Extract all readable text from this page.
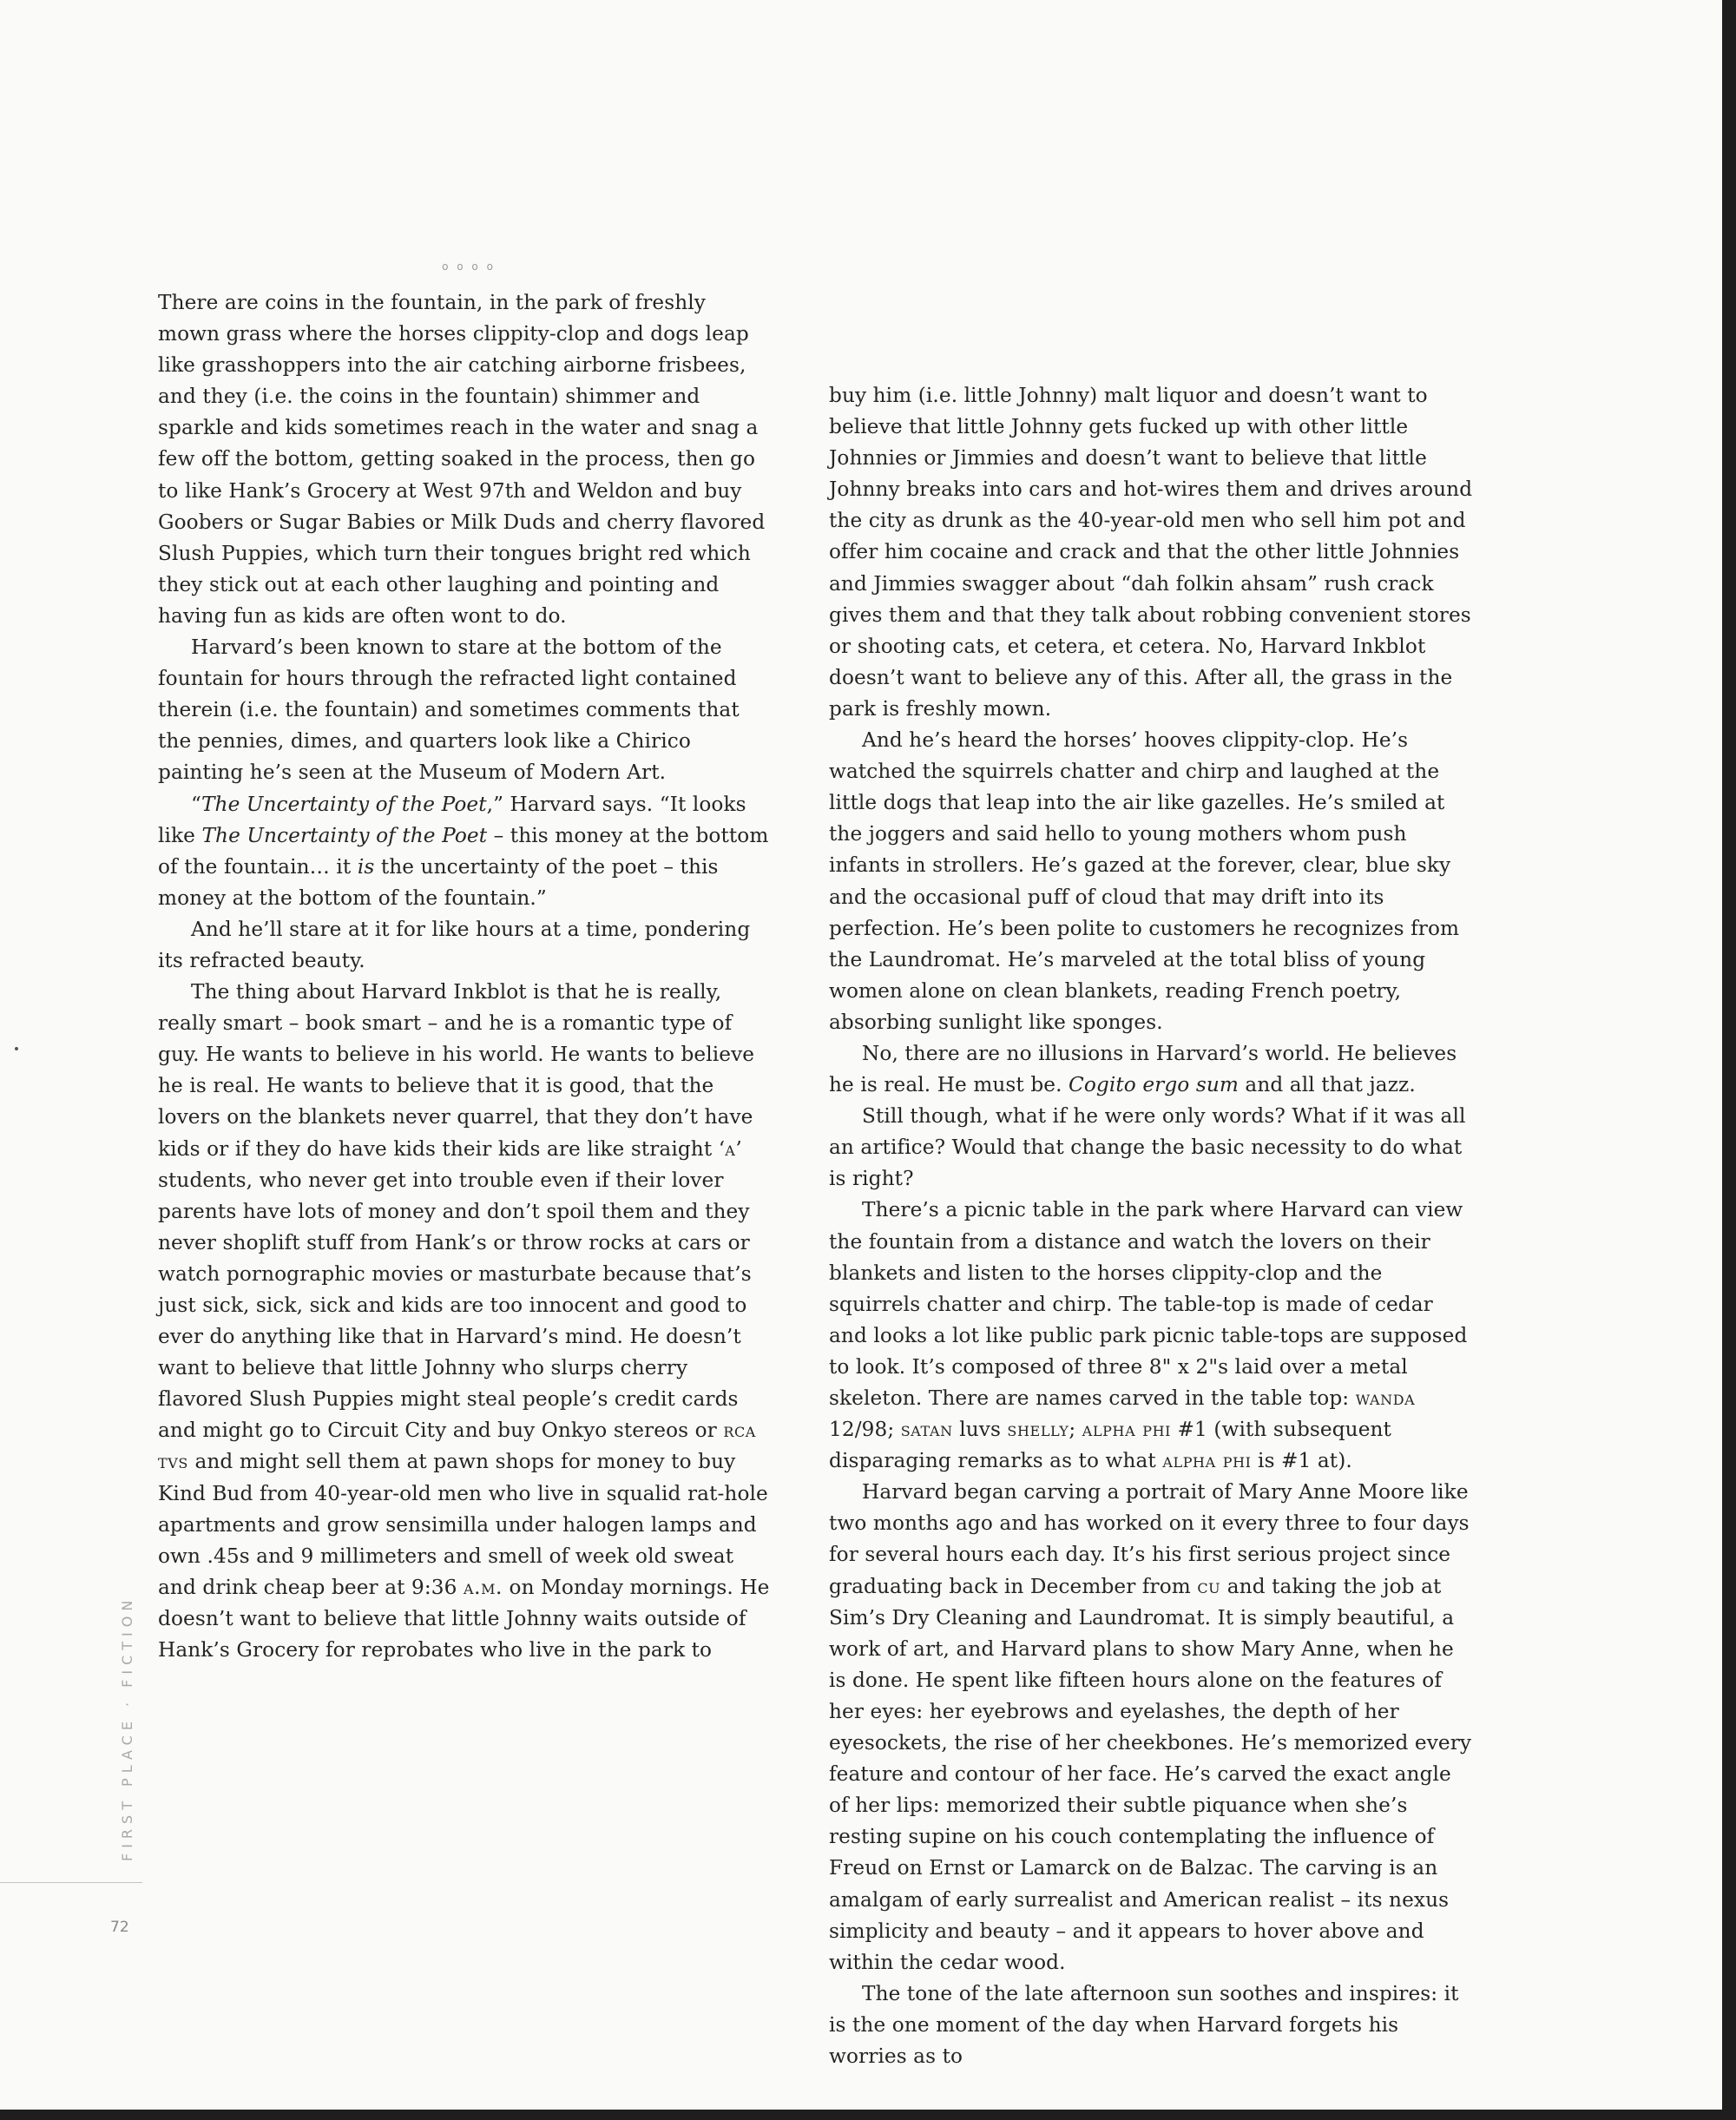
o o o o

There are coins in the fountain, in the park of freshly mown grass where the horses clippity-clop and dogs leap like grasshoppers into the air catching airborne frisbees, and they (i.e. the coins in the fountain) shimmer and sparkle and kids sometimes reach in the water and snag a few off the bottom, getting soaked in the process, then go to like Hank’s Grocery at West 97th and Weldon and buy Goobers or Sugar Babies or Milk Duds and cherry flavored Slush Puppies, which turn their tongues bright red which they stick out at each other laughing and pointing and having fun as kids are often wont to do.

Harvard’s been known to stare at the bottom of the fountain for hours through the refracted light contained therein (i.e. the fountain) and sometimes comments that the pennies, dimes, and quarters look like a Chirico painting he’s seen at the Museum of Modern Art.

“The Uncertainty of the Poet,” Harvard says. “It looks like The Uncertainty of the Poet – this money at the bottom of the fountain… it is the uncertainty of the poet – this money at the bottom of the fountain.”

And he’ll stare at it for like hours at a time, pondering its refracted beauty.

The thing about Harvard Inkblot is that he is really, really smart – book smart – and he is a romantic type of guy. He wants to believe in his world. He wants to believe he is real. He wants to believe that it is good, that the lovers on the blankets never quarrel, that they don’t have kids or if they do have kids their kids are like straight ‘a’ students, who never get into trouble even if their lover parents have lots of money and don’t spoil them and they never shoplift stuff from Hank’s or throw rocks at cars or watch pornographic movies or masturbate because that’s just sick, sick, sick and kids are too innocent and good to ever do anything like that in Harvard’s mind. He doesn’t want to believe that little Johnny who slurps cherry flavored Slush Puppies might steal people’s credit cards and might go to Circuit City and buy Onkyo stereos or rca tvs and might sell them at pawn shops for money to buy Kind Bud from 40-year-old men who live in squalid rat-hole apartments and grow sensimilla under halogen lamps and own .45s and 9 millimeters and smell of week old sweat and drink cheap beer at 9:36 a.m. on Monday mornings. He doesn’t want to believe that little Johnny waits outside of Hank’s Grocery for reprobates who live in the park to

buy him (i.e. little Johnny) malt liquor and doesn’t want to believe that little Johnny gets fucked up with other little Johnnies or Jimmies and doesn’t want to believe that little Johnny breaks into cars and hot-wires them and drives around the city as drunk as the 40-year-old men who sell him pot and offer him cocaine and crack and that the other little Johnnies and Jimmies swagger about “dah folkin ahsam” rush crack gives them and that they talk about robbing convenient stores or shooting cats, et cetera, et cetera. No, Harvard Inkblot doesn’t want to believe any of this. After all, the grass in the park is freshly mown.

And he’s heard the horses’ hooves clippity-clop. He’s watched the squirrels chatter and chirp and laughed at the little dogs that leap into the air like gazelles. He’s smiled at the joggers and said hello to young mothers whom push infants in strollers. He’s gazed at the forever, clear, blue sky and the occasional puff of cloud that may drift into its perfection. He’s been polite to customers he recognizes from the Laundromat. He’s marveled at the total bliss of young women alone on clean blankets, reading French poetry, absorbing sunlight like sponges.

No, there are no illusions in Harvard’s world. He believes he is real. He must be. Cogito ergo sum and all that jazz.

Still though, what if he were only words? What if it was all an artifice? Would that change the basic necessity to do what is right?

There’s a picnic table in the park where Harvard can view the fountain from a distance and watch the lovers on their blankets and listen to the horses clippity-clop and the squirrels chatter and chirp. The table-top is made of cedar and looks a lot like public park picnic table-tops are supposed to look. It’s composed of three 8" x 2"s laid over a metal skeleton. There are names carved in the table top: wanda 12/98; satan luvs shelly; alpha phi #1 (with subsequent disparaging remarks as to what alpha phi is #1 at).

Harvard began carving a portrait of Mary Anne Moore like two months ago and has worked on it every three to four days for several hours each day. It’s his first serious project since graduating back in December from cu and taking the job at Sim’s Dry Cleaning and Laundromat. It is simply beautiful, a work of art, and Harvard plans to show Mary Anne, when he is done. He spent like fifteen hours alone on the features of her eyes: her eyebrows and eyelashes, the depth of her eyesockets, the rise of her cheekbones. He’s memorized every feature and contour of her face. He’s carved the exact angle of her lips: memorized their subtle piquance when she’s resting supine on his couch contemplating the influence of Freud on Ernst or Lamarck on de Balzac. The carving is an amalgam of early surrealist and American realist – its nexus simplicity and beauty – and it appears to hover above and within the cedar wood.

The tone of the late afternoon sun soothes and inspires: it is the one moment of the day when Harvard forgets his worries as to

FIRST PLACE · FICTION
72
